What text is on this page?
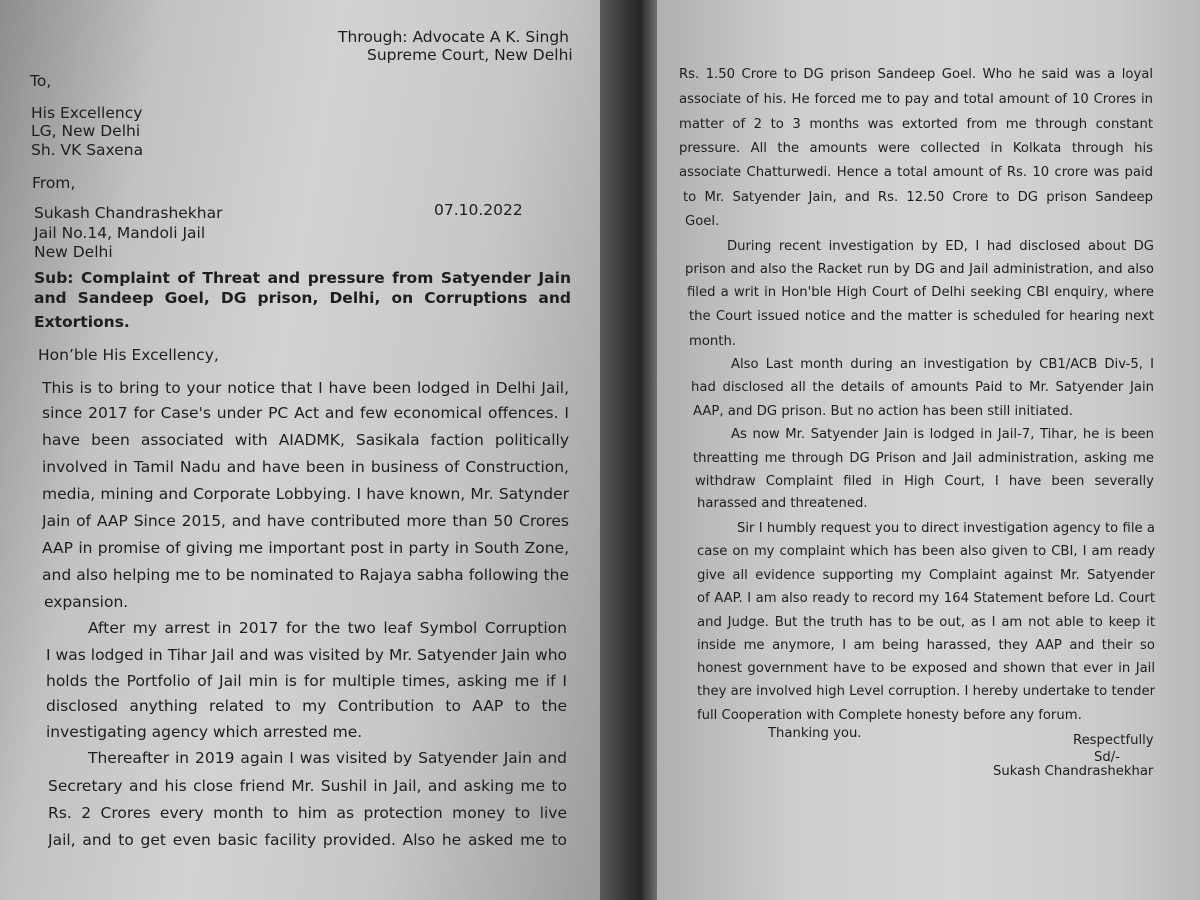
Through: Advocate A K. Singh
Supreme Court, New Delhi
To,
His Excellency
LG, New Delhi
Sh. VK Saxena
From,
Sukash Chandrashekhar	07.10.2022
Jail No.14, Mandoli Jail
New Delhi
Sub: Complaint of Threat and pressure from Satyender Jain
and Sandeep Goel, DG prison, Delhi, on Corruptions and
Extortions.
Hon’ble His Excellency,
This is to bring to your notice that I have been lodged in Delhi Jail,
since 2017 for Case's under PC Act and few economical offences. I
have been associated with AIADMK, Sasikala faction politically
involved in Tamil Nadu and have been in business of Construction,
media, mining and Corporate Lobbying. I have known, Mr. Satynder
Jain of AAP Since 2015, and have contributed more than 50 Crores
AAP in promise of giving me important post in party in South Zone,
and also helping me to be nominated to Rajaya sabha following the
expansion.
After my arrest in 2017 for the two leaf Symbol Corruption
I was lodged in Tihar Jail and was visited by Mr. Satyender Jain who
holds the Portfolio of Jail min is for multiple times, asking me if I
disclosed anything related to my Contribution to AAP to the
investigating agency which arrested me.
Thereafter in 2019 again I was visited by Satyender Jain and
Secretary and his close friend Mr. Sushil in Jail, and asking me to
Rs. 2 Crores every month to him as protection money to live
Jail, and to get even basic facility provided. Also he asked me to
Rs. 1.50 Crore to DG prison Sandeep Goel. Who he said was a loyal
associate of his. He forced me to pay and total amount of 10 Crores in
matter of 2 to 3 months was extorted from me through constant
pressure. All the amounts were collected in Kolkata through his
associate Chatturwedi. Hence a total amount of Rs. 10 crore was paid
to Mr. Satyender Jain, and Rs. 12.50 Crore to DG prison Sandeep
Goel.
During recent investigation by ED, I had disclosed about DG
prison and also the Racket run by DG and Jail administration, and also
filed a writ in Hon'ble High Court of Delhi seeking CBI enquiry, where
the Court issued notice and the matter is scheduled for hearing next
month.
Also Last month during an investigation by CB1/ACB Div-5, I
had disclosed all the details of amounts Paid to Mr. Satyender Jain
AAP, and DG prison. But no action has been still initiated.
As now Mr. Satyender Jain is lodged in Jail-7, Tihar, he is been
threatting me through DG Prison and Jail administration, asking me
withdraw Complaint filed in High Court, I have been severally
harassed and threatened.
Sir I humbly request you to direct investigation agency to file a
case on my complaint which has been also given to CBI, I am ready
give all evidence supporting my Complaint against Mr. Satyender
of AAP. I am also ready to record my 164 Statement before Ld. Court
and Judge. But the truth has to be out, as I am not able to keep it
inside me anymore, I am being harassed, they AAP and their so
honest government have to be exposed and shown that ever in Jail
they are involved high Level corruption. I hereby undertake to tender
full Cooperation with Complete honesty before any forum.
Thanking you.	Respectfully
Sd/-
Sukash Chandrashekhar
